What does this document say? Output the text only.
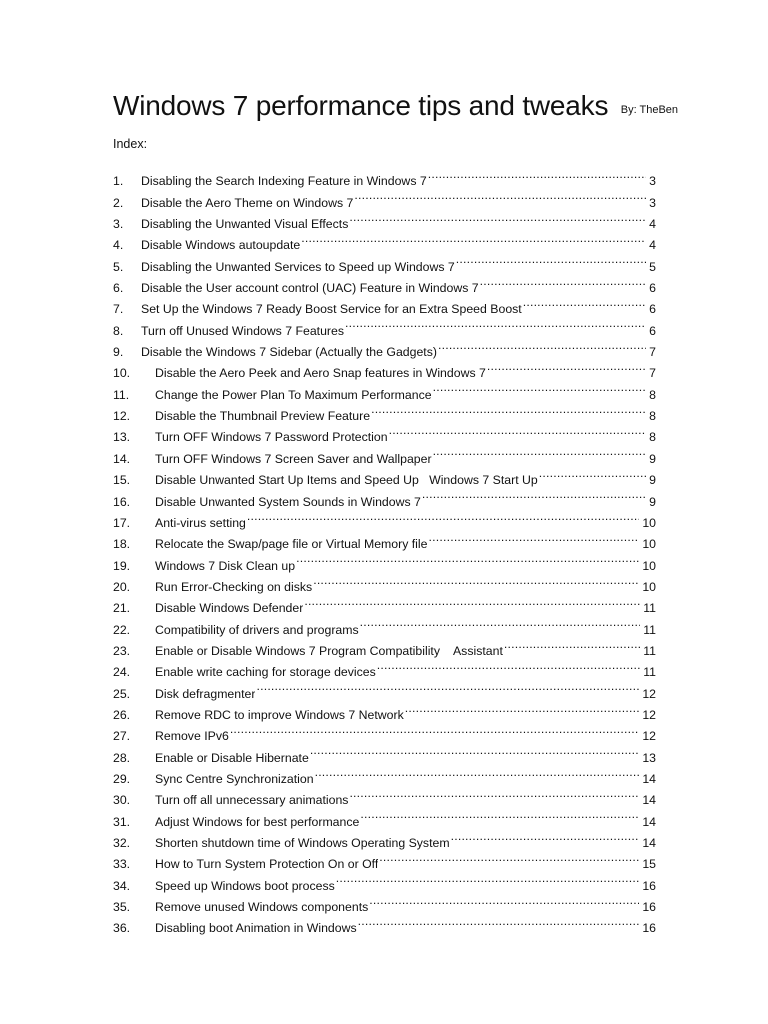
Windows 7 performance tips and tweaks By: TheBen
Index:
1.	Disabling the Search Indexing Feature in Windows 7 .....	3
2.	Disable the Aero Theme on Windows 7 .....	3
3.	Disabling the Unwanted Visual Effects .....	4
4.	Disable Windows autoupdate .....	4
5.	Disabling the Unwanted Services to Speed up Windows 7 .....	5
6.	Disable the User account control (UAC) Feature in Windows 7 .....	6
7.	Set Up the Windows 7 Ready Boost Service for an Extra Speed Boost .....	6
8.	Turn off Unused Windows 7 Features .....	6
9.	Disable the Windows 7 Sidebar (Actually the Gadgets) .....	7
10.	Disable the Aero Peek and Aero Snap features in Windows 7 .....	7
11.	Change the Power Plan To Maximum Performance .....	8
12.	Disable the Thumbnail Preview Feature .....	8
13.	Turn OFF Windows 7 Password Protection .....	8
14.	Turn OFF Windows 7 Screen Saver and Wallpaper .....	9
15.	Disable Unwanted Start Up Items and Speed Up   Windows 7 Start Up .....	9
16.	Disable Unwanted System Sounds in Windows 7 .....	9
17.	Anti-virus setting .....	10
18.	Relocate the Swap/page file or Virtual Memory file .....	10
19.	Windows 7 Disk Clean up .....	10
20.	Run Error-Checking on disks .....	10
21.	Disable Windows Defender .....	11
22.	Compatibility of drivers and programs .....	11
23.	Enable or Disable Windows 7 Program Compatibility    Assistant .....	11
24.	Enable write caching for storage devices .....	11
25.	Disk defragmenter .....	12
26.	Remove RDC to improve Windows 7 Network .....	12
27.	Remove IPv6 .....	12
28.	Enable or Disable Hibernate .....	13
29.	Sync Centre Synchronization .....	14
30.	Turn off all unnecessary animations .....	14
31.	Adjust Windows for best performance .....	14
32.	Shorten shutdown time of Windows Operating System .....	14
33.	How to Turn System Protection On or Off .....	15
34.	Speed up Windows boot process .....	16
35.	Remove unused Windows components .....	16
36.	Disabling boot Animation in Windows .....	16
